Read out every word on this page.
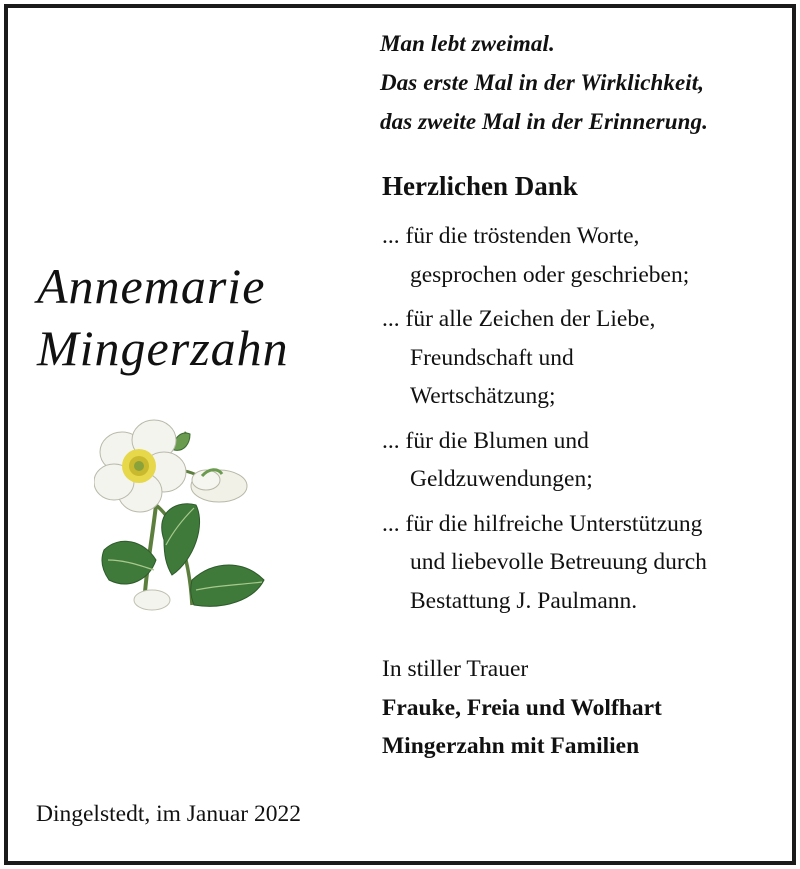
Man lebt zweimal.
Das erste Mal in der Wirklichkeit,
das zweite Mal in der Erinnerung.
Herzlichen Dank
... für die tröstenden Worte,
gesprochen oder geschrieben;
... für alle Zeichen der Liebe,
Freundschaft und
Wertschätzung;
... für die Blumen und
Geldzuwendungen;
... für die hilfreiche Unterstützung
und liebevolle Betreuung durch
Bestattung J. Paulmann.
Annemarie
Mingerzahn
In stiller Trauer
Frauke, Freia und Wolfhart
Mingerzahn mit Familien
Dingelstedt, im Januar 2022
